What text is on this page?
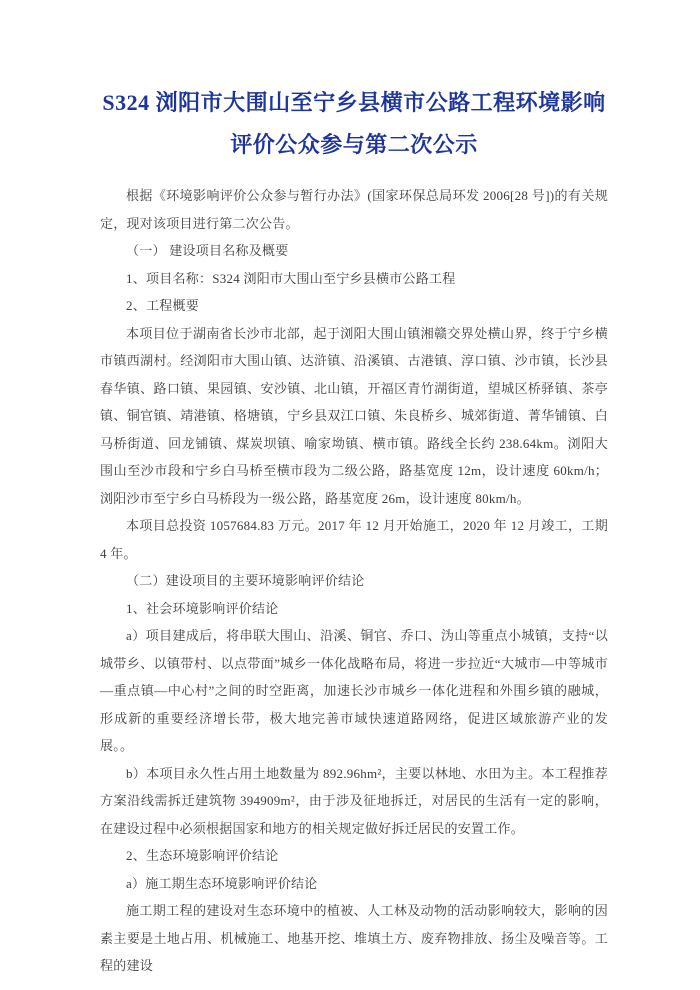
S324 浏阳市大围山至宁乡县横市公路工程环境影响
评价公众参与第二次公示

根据《环境影响评价公众参与暂行办法》(国家环保总局环发 2006[28 号])的有关规定，现对该项目进行第二次公告。

（一） 建设项目名称及概要

1、项目名称：S324 浏阳市大围山至宁乡县横市公路工程

2、工程概要

本项目位于湖南省长沙市北部，起于浏阳大围山镇湘赣交界处横山界，终于宁乡横市镇西湖村。经浏阳市大围山镇、达浒镇、沿溪镇、古港镇、淳口镇、沙市镇，长沙县春华镇、路口镇、果园镇、安沙镇、北山镇，开福区青竹湖街道，望城区桥驿镇、茶亭镇、铜官镇、靖港镇、格塘镇，宁乡县双江口镇、朱良桥乡、城郊街道、菁华铺镇、白马桥街道、回龙铺镇、煤炭坝镇、喻家坳镇、横市镇。路线全长约 238.64km。浏阳大围山至沙市段和宁乡白马桥至横市段为二级公路，路基宽度 12m，设计速度 60km/h；浏阳沙市至宁乡白马桥段为一级公路，路基宽度 26m，设计速度 80km/h。

本项目总投资 1057684.83 万元。2017 年 12 月开始施工，2020 年 12 月竣工，工期 4 年。

（二）建设项目的主要环境影响评价结论

1、社会环境影响评价结论

a）项目建成后，将串联大围山、沿溪、铜官、乔口、沩山等重点小城镇，支持“以城带乡、以镇带村、以点带面”城乡一体化战略布局，将进一步拉近“大城市—中等城市—重点镇—中心村”之间的时空距离，加速长沙市城乡一体化进程和外围乡镇的融城，形成新的重要经济增长带，极大地完善市域快速道路网络，促进区域旅游产业的发展。。

b）本项目永久性占用土地数量为 892.96hm²，主要以林地、水田为主。本工程推荐方案沿线需拆迁建筑物 394909m²，由于涉及征地拆迁，对居民的生活有一定的影响，在建设过程中必须根据国家和地方的相关规定做好拆迁居民的安置工作。

2、生态环境影响评价结论

a）施工期生态环境影响评价结论

施工期工程的建设对生态环境中的植被、人工林及动物的活动影响较大，影响的因素主要是土地占用、机械施工、地基开挖、堆填土方、废弃物排放、扬尘及噪音等。工程的建设
